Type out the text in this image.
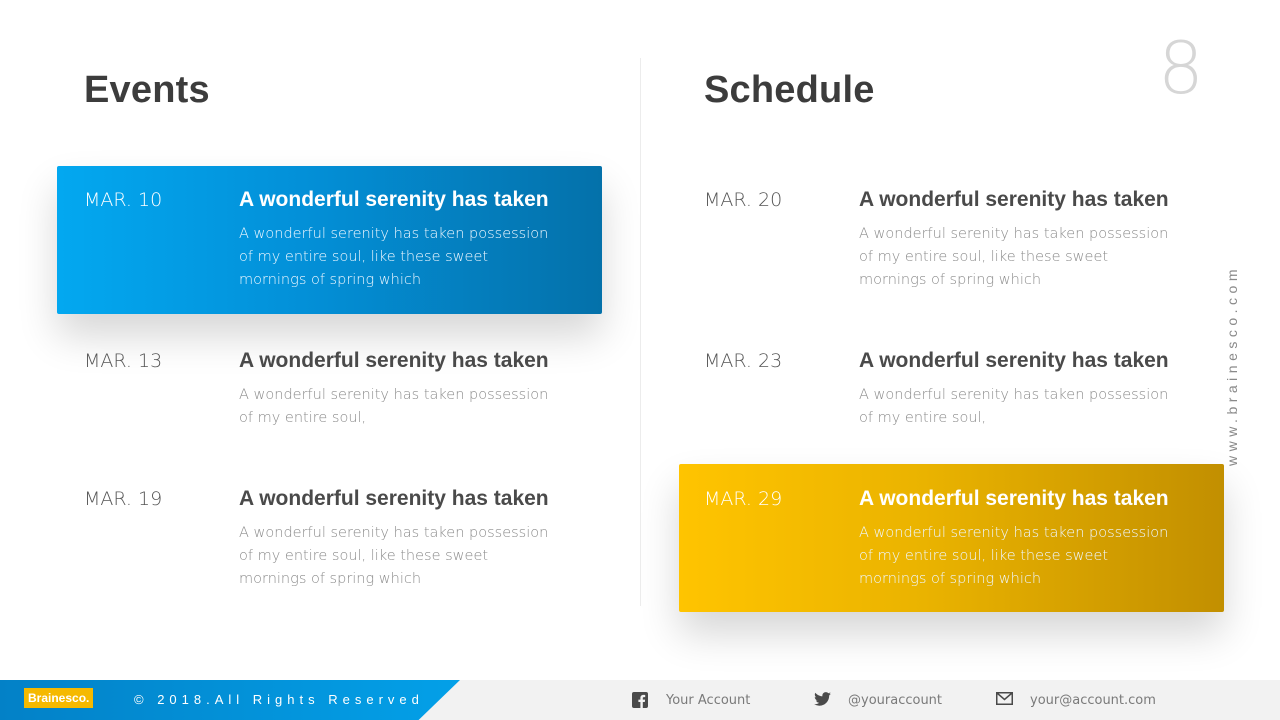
8
Events	Schedule
www.brainesco.com
MAR. 10	A wonderful serenity has taken

A wonderful serenity has taken possession of my entire soul, like these sweet mornings of spring which

MAR. 13	A wonderful serenity has taken

A wonderful serenity has taken possession of my entire soul,

MAR. 19	A wonderful serenity has taken

A wonderful serenity has taken possession of my entire soul, like these sweet mornings of spring which

MAR. 20	A wonderful serenity has taken

A wonderful serenity has taken possession of my entire soul, like these sweet mornings of spring which

MAR. 23	A wonderful serenity has taken

A wonderful serenity has taken possession of my entire soul,

MAR. 29	A wonderful serenity has taken

A wonderful serenity has taken possession of my entire soul, like these sweet mornings of spring which

Brainesco.	© 2018.All Rights Reserved	Your Account	@youraccount	your@account.com
